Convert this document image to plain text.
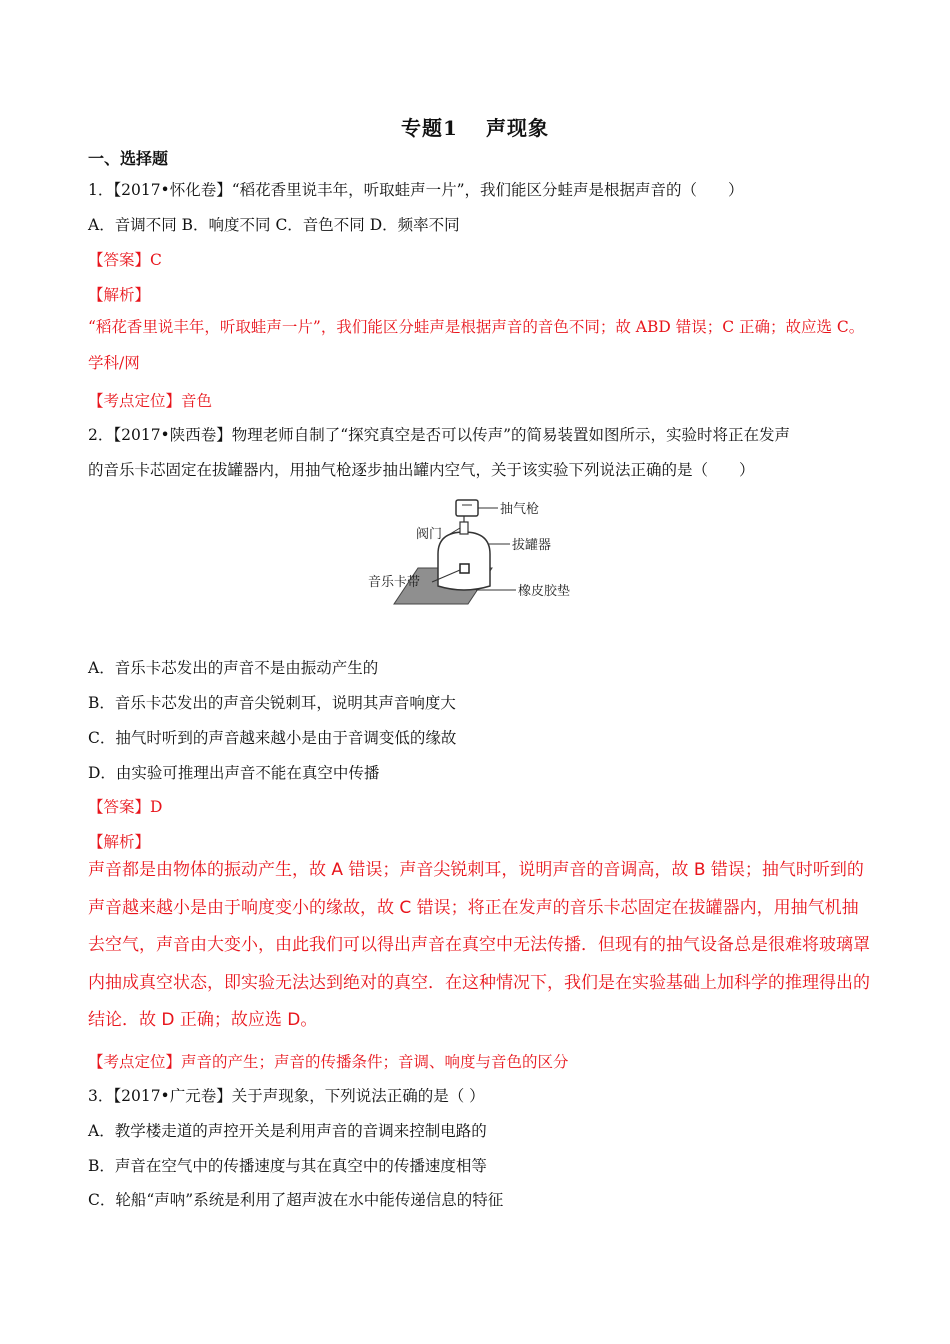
专题1 声现象
一、选择题
1．【2017•怀化卷】“稻花香里说丰年，听取蛙声一片”，我们能区分蛙声是根据声音的（　　）
A．音调不同 B．响度不同 C．音色不同 D．频率不同
【答案】C
【解析】
“稻花香里说丰年，听取蛙声一片”，我们能区分蛙声是根据声音的音色不同；故 ABD 错误；C 正确；故应选 C。学科/网
【考点定位】音色
2．【2017•陕西卷】物理老师自制了“探究真空是否可以传声”的简易装置如图所示，实验时将正在发声
的音乐卡芯固定在拔罐器内，用抽气枪逐步抽出罐内空气，关于该实验下列说法正确的是（　　）
抽气枪
阀门
拔罐器
音乐卡带
橡皮胶垫
A．音乐卡芯发出的声音不是由振动产生的
B．音乐卡芯发出的声音尖锐刺耳，说明其声音响度大
C．抽气时听到的声音越来越小是由于音调变低的缘故
D．由实验可推理出声音不能在真空中传播
【答案】D
【解析】
声音都是由物体的振动产生，故 A 错误；声音尖锐刺耳，说明声音的音调高，故 B 错误；抽气时听到的声音越来越小是由于响度变小的缘故，故 C 错误；将正在发声的音乐卡芯固定在拔罐器内，用抽气机抽去空气，声音由大变小，由此我们可以得出声音在真空中无法传播．但现有的抽气设备总是很难将玻璃罩内抽成真空状态，即实验无法达到绝对的真空．在这种情况下，我们是在实验基础上加科学的推理得出的结论．故 D 正确；故应选 D。
【考点定位】声音的产生；声音的传播条件；音调、响度与音色的区分
3．【2017•广元卷】关于声现象，下列说法正确的是（ ）
A．教学楼走道的声控开关是利用声音的音调来控制电路的
B．声音在空气中的传播速度与其在真空中的传播速度相等
C．轮船“声呐”系统是利用了超声波在水中能传递信息的特征
